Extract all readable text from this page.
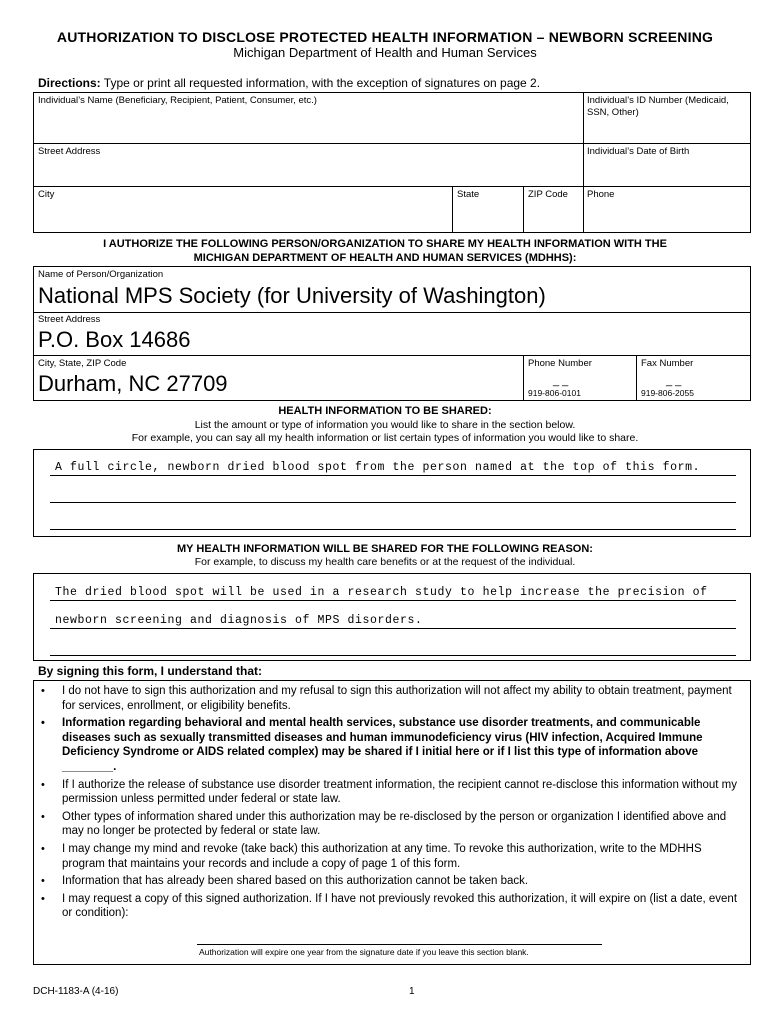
AUTHORIZATION TO DISCLOSE PROTECTED HEALTH INFORMATION – NEWBORN SCREENING
Michigan Department of Health and Human Services
Directions: Type or print all requested information, with the exception of signatures on page 2.
Individual’s Name (Beneficiary, Recipient, Patient, Consumer, etc.)	Individual’s ID Number (Medicaid, SSN, Other)
Street Address	Individual’s Date of Birth
City	State	ZIP Code	Phone
I AUTHORIZE THE FOLLOWING PERSON/ORGANIZATION TO SHARE MY HEALTH INFORMATION WITH THE
MICHIGAN DEPARTMENT OF HEALTH AND HUMAN SERVICES (MDHHS):
Name of Person/Organization
National MPS Society (for University of Washington)
Street Address
P.O. Box 14686
City, State, ZIP Code
Durham, NC 27709
Phone Number
_ _
919-806-0101
Fax Number
_ _
919-806-2055
HEALTH INFORMATION TO BE SHARED:
List the amount or type of information you would like to share in the section below.
For example, you can say all my health information or list certain types of information you would like to share.
A full circle, newborn dried blood spot from the person named at the top of this form.
MY HEALTH INFORMATION WILL BE SHARED FOR THE FOLLOWING REASON:
For example, to discuss my health care benefits or at the request of the individual.
The dried blood spot will be used in a research study to help increase the precision of
newborn screening and diagnosis of MPS disorders.
By signing this form, I understand that:
• I do not have to sign this authorization and my refusal to sign this authorization will not affect my ability to obtain treatment, payment for services, enrollment, or eligibility benefits.
• Information regarding behavioral and mental health services, substance use disorder treatments, and communicable diseases such as sexually transmitted diseases and human immunodeficiency virus (HIV infection, Acquired Immune Deficiency Syndrome or AIDS related complex) may be shared if I initial here or if I list this type of information above ________.
• If I authorize the release of substance use disorder treatment information, the recipient cannot re-disclose this information without my permission unless permitted under federal or state law.
• Other types of information shared under this authorization may be re-disclosed by the person or organization I identified above and may no longer be protected by federal or state law.
• I may change my mind and revoke (take back) this authorization at any time. To revoke this authorization, write to the MDHHS program that maintains your records and include a copy of page 1 of this form.
• Information that has already been shared based on this authorization cannot be taken back.
• I may request a copy of this signed authorization. If I have not previously revoked this authorization, it will expire on (list a date, event or condition):
Authorization will expire one year from the signature date if you leave this section blank.
DCH-1183-A (4-16)	1
